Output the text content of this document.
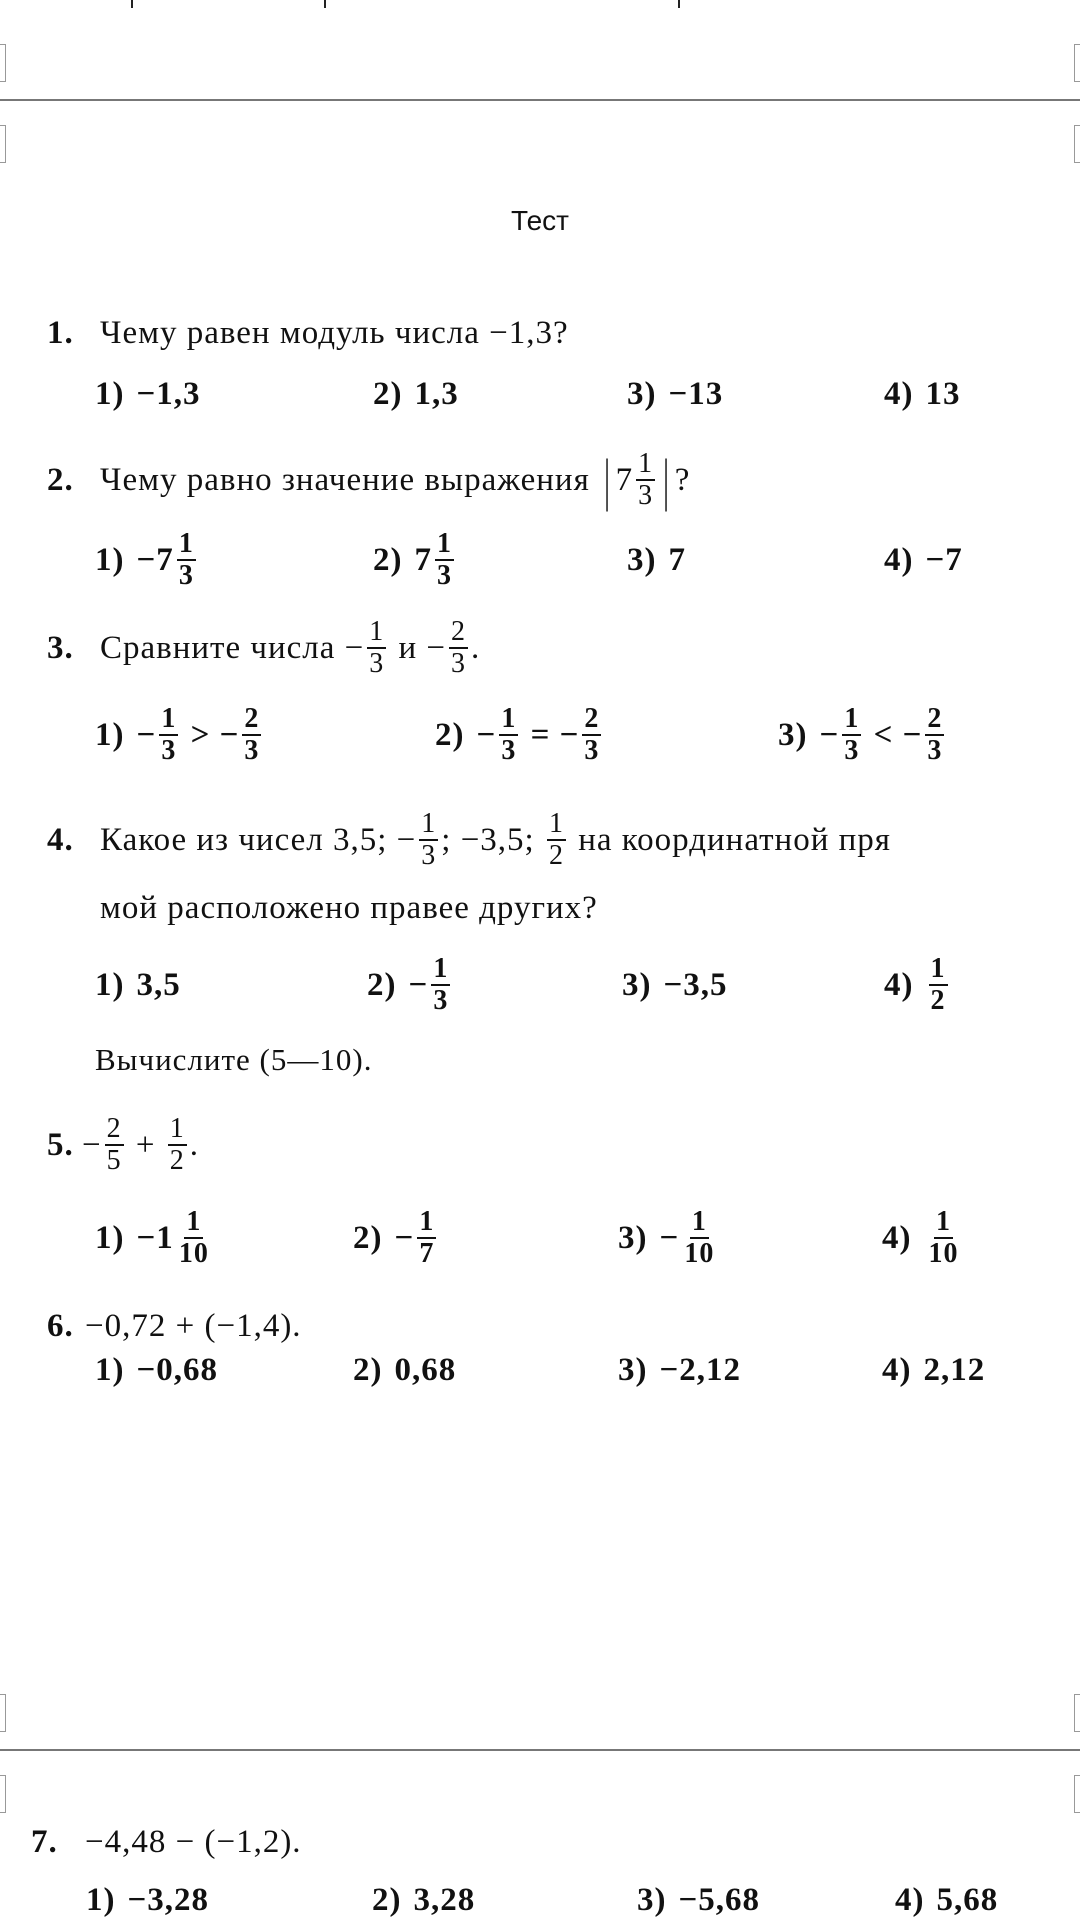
Тест
Вычислите (5—10).
1. Чему равен модуль числа −1,3?
1) −1,3	2) 1,3	3) −13	4) 13
2. Чему равно значение выражения | $7 \frac{1}{3}$ | ?
$1) -7 \frac{1}{3}$	2) $7 \frac{1}{3}$	3) 7	4) −7
3. Сравните числа − $\frac{1}{3}$ $и - \frac{2}{3}$ .
$1) - \frac{1}{3}$ > − $\frac{2}{3}$	$2) - \frac{1}{3}$ = − $\frac{2}{3}$	$3) - \frac{1}{3}$ < − $\frac{2}{3}$
4. Какое из чисел 3,5; − $\frac{1}{3}$ ; −3,5; $\frac{1}{2}$ на координатной пря
мой расположено правее других?
1) 3,5	$2) - \frac{1}{3}$	3) −3,5	$4) \frac{1}{2}$
5. − $\frac{2}{5} + \frac{1}{2}$ .
$1) -1 \frac{1}{10}$	$2) - \frac{1}{7}$	$3) - \frac{1}{10}$	$4) \frac{1}{10}$
6. −0,72 + (−1,4).
1) −0,68	2) 0,68	3) −2,12	4) 2,12
7. −4,48 − (−1,2).
1) −3,28	2) 3,28	3) −5,68	4) 5,68
